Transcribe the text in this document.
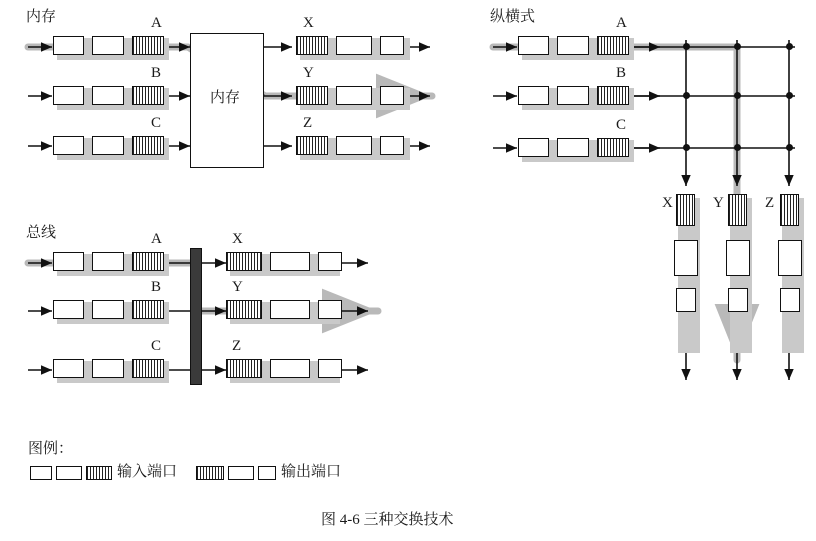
内存	A
B
C
内存
X
Y
Z
总线	A
B
C
X
Y
Z
纵横式	A
B
C
X	Y	Z
图例：
输入端口	输出端口
图 4-6 三种交换技术
